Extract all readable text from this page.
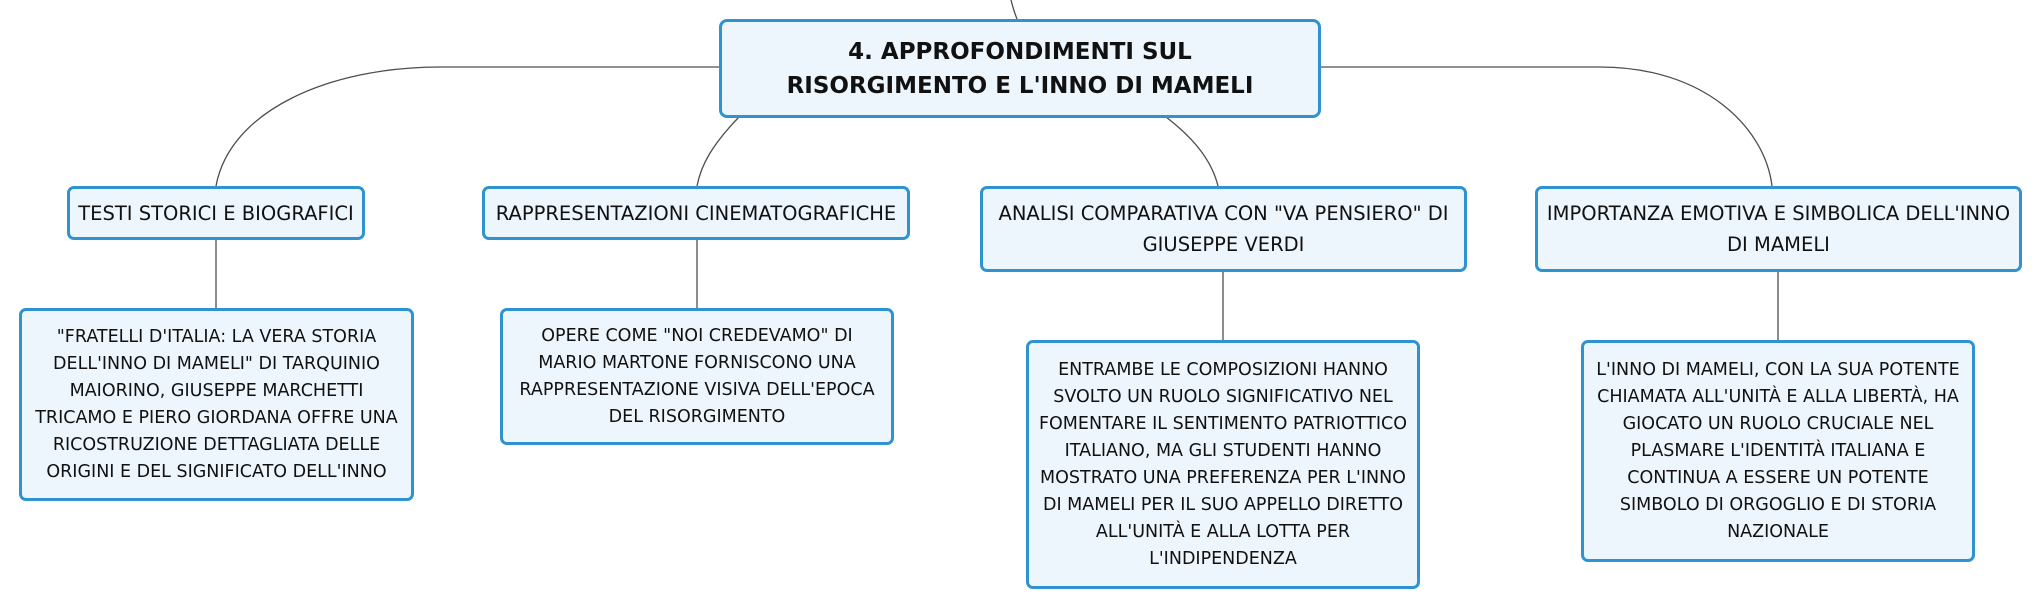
4. APPROFONDIMENTI SUL RISORGIMENTO E L'INNO DI MAMELI
TESTI STORICI E BIOGRAFICI	RAPPRESENTAZIONI CINEMATOGRAFICHE	ANALISI COMPARATIVA CON "VA PENSIERO" DI GIUSEPPE VERDI
IMPORTANZA EMOTIVA E SIMBOLICA DELL'INNO DI MAMELI
"FRATELLI D'ITALIA: LA VERA STORIA DELL'INNO DI MAMELI" DI TARQUINIO MAIORINO, GIUSEPPE MARCHETTI TRICAMO E PIERO GIORDANA OFFRE UNA RICOSTRUZIONE DETTAGLIATA DELLE ORIGINI E DEL SIGNIFICATO DELL'INNO
OPERE COME "NOI CREDEVAMO" DI MARIO MARTONE FORNISCONO UNA RAPPRESENTAZIONE VISIVA DELL'EPOCA DEL RISORGIMENTO
ENTRAMBE LE COMPOSIZIONI HANNO SVOLTO UN RUOLO SIGNIFICATIVO NEL FOMENTARE IL SENTIMENTO PATRIOTTICO ITALIANO, MA GLI STUDENTI HANNO MOSTRATO UNA PREFERENZA PER L'INNO DI MAMELI PER IL SUO APPELLO DIRETTO ALL'UNITÀ E ALLA LOTTA PER L'INDIPENDENZA
L'INNO DI MAMELI, CON LA SUA POTENTE CHIAMATA ALL'UNITÀ E ALLA LIBERTÀ, HA GIOCATO UN RUOLO CRUCIALE NEL PLASMARE L'IDENTITÀ ITALIANA E CONTINUA A ESSERE UN POTENTE SIMBOLO DI ORGOGLIO E DI STORIA NAZIONALE
